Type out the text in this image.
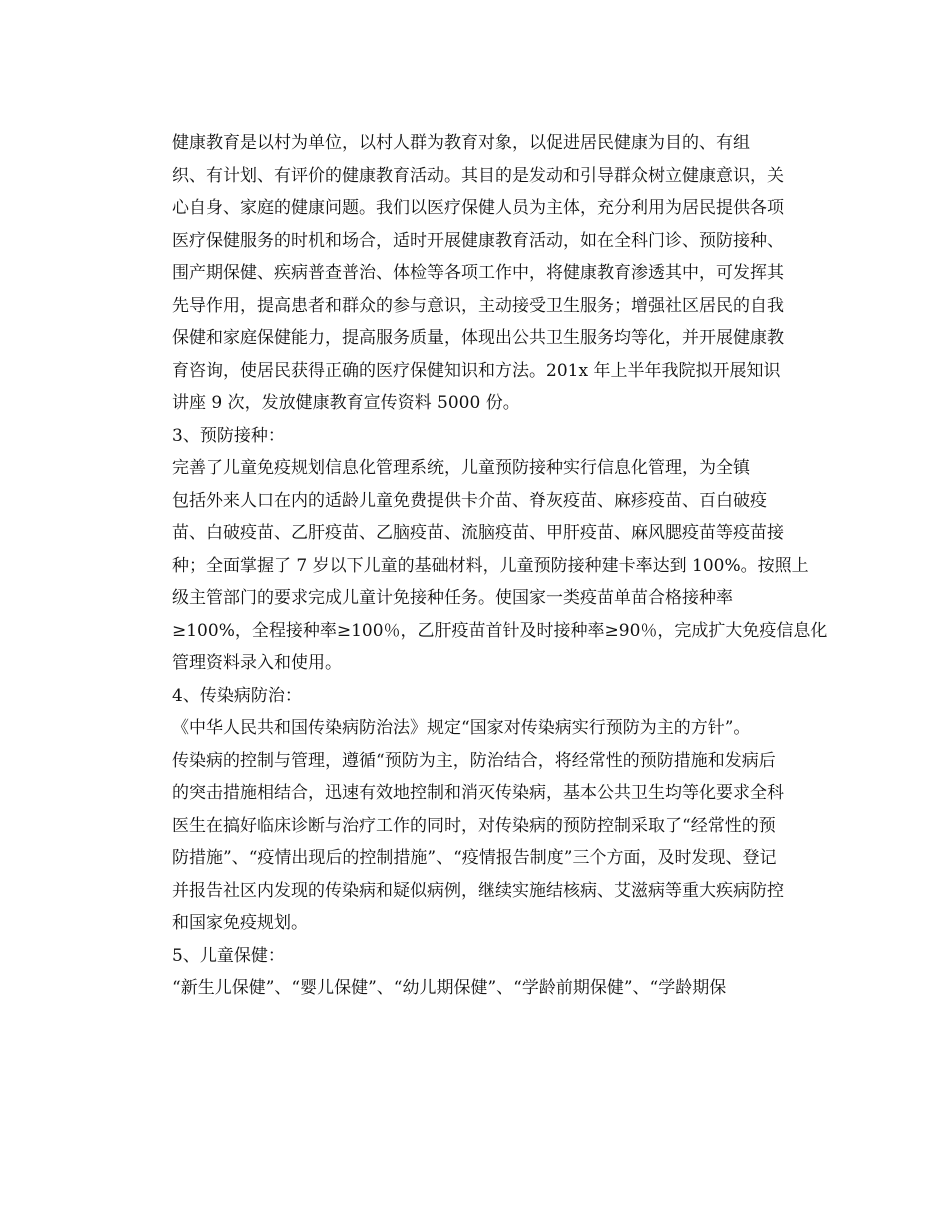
健康教育是以村为单位，以村人群为教育对象，以促进居民健康为目的、有组
织、有计划、有评价的健康教育活动。其目的是发动和引导群众树立健康意识，关
心自身、家庭的健康问题。我们以医疗保健人员为主体，充分利用为居民提供各项
医疗保健服务的时机和场合，适时开展健康教育活动，如在全科门诊、预防接种、
围产期保健、疾病普查普治、体检等各项工作中，将健康教育渗透其中，可发挥其
先导作用，提高患者和群众的参与意识，主动接受卫生服务；增强社区居民的自我
保健和家庭保健能力，提高服务质量，体现出公共卫生服务均等化，并开展健康教
育咨询，使居民获得正确的医疗保健知识和方法。201x 年上半年我院拟开展知识
讲座 9 次，发放健康教育宣传资料 5000 份。

3、预防接种：

完善了儿童免疫规划信息化管理系统，儿童预防接种实行信息化管理，为全镇
包括外来人口在内的适龄儿童免费提供卡介苗、脊灰疫苗、麻疹疫苗、百白破疫
苗、白破疫苗、乙肝疫苗、乙脑疫苗、流脑疫苗、甲肝疫苗、麻风腮疫苗等疫苗接
种；全面掌握了 7 岁以下儿童的基础材料，儿童预防接种建卡率达到 100%。按照上
级主管部门的要求完成儿童计免接种任务。使国家一类疫苗单苗合格接种率
≥100%，全程接种率≥100％，乙肝疫苗首针及时接种率≥90％，完成扩大免疫信息化
管理资料录入和使用。

4、传染病防治：

《中华人民共和国传染病防治法》规定“国家对传染病实行预防为主的方针”。
传染病的控制与管理，遵循“预防为主，防治结合，将经常性的预防措施和发病后
的突击措施相结合，迅速有效地控制和消灭传染病，基本公共卫生均等化要求全科
医生在搞好临床诊断与治疗工作的同时，对传染病的预防控制采取了“经常性的预
防措施”、“疫情出现后的控制措施”、“疫情报告制度”三个方面，及时发现、登记
并报告社区内发现的传染病和疑似病例，继续实施结核病、艾滋病等重大疾病防控
和国家免疫规划。

5、儿童保健：

“新生儿保健”、“婴儿保健”、“幼儿期保健”、“学龄前期保健”、“学龄期保
